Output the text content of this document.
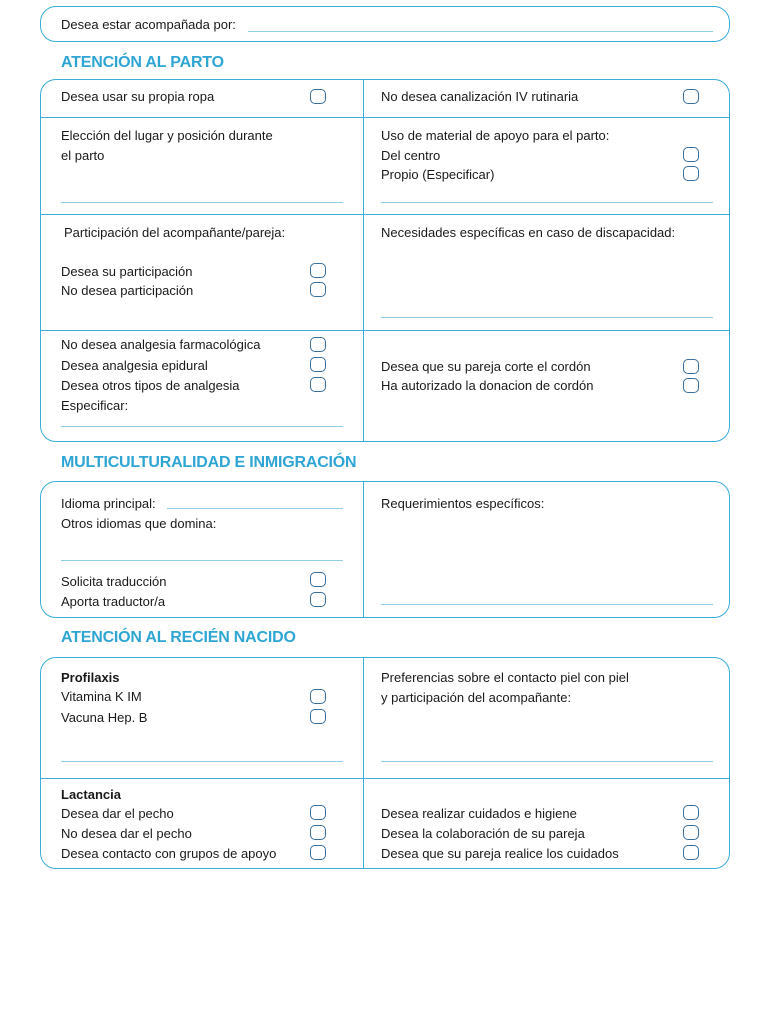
Desea estar acompañada por:
ATENCIÓN AL PARTO
Desea usar su propia ropa	No desea canalización IV rutinaria
Elección del lugar y posición durante
el parto
Uso de material de apoyo para el parto:
Del centro
Propio (Especificar)
Participación del acompañante/pareja:
Desea su participación
No desea participación
Necesidades específicas en caso de discapacidad:
No desea analgesia farmacológica
Desea analgesia epidural
Desea otros tipos de analgesia
Especificar:
Desea que su pareja corte el cordón
Ha autorizado la donacion de cordón
MULTICULTURALIDAD E INMIGRACIÓN
Idioma principal:
Otros idiomas que domina:
Solicita traducción
Aporta traductor/a
Requerimientos específicos:
ATENCIÓN AL RECIÉN NACIDO
Profilaxis
Vitamina K IM
Vacuna Hep. B
Preferencias sobre el contacto piel con piel
y participación del acompañante:
Lactancia
Desea dar el pecho
No desea dar el pecho
Desea contacto con grupos de apoyo
Desea realizar cuidados e higiene
Desea la colaboración de su pareja
Desea que su pareja realice los cuidados
